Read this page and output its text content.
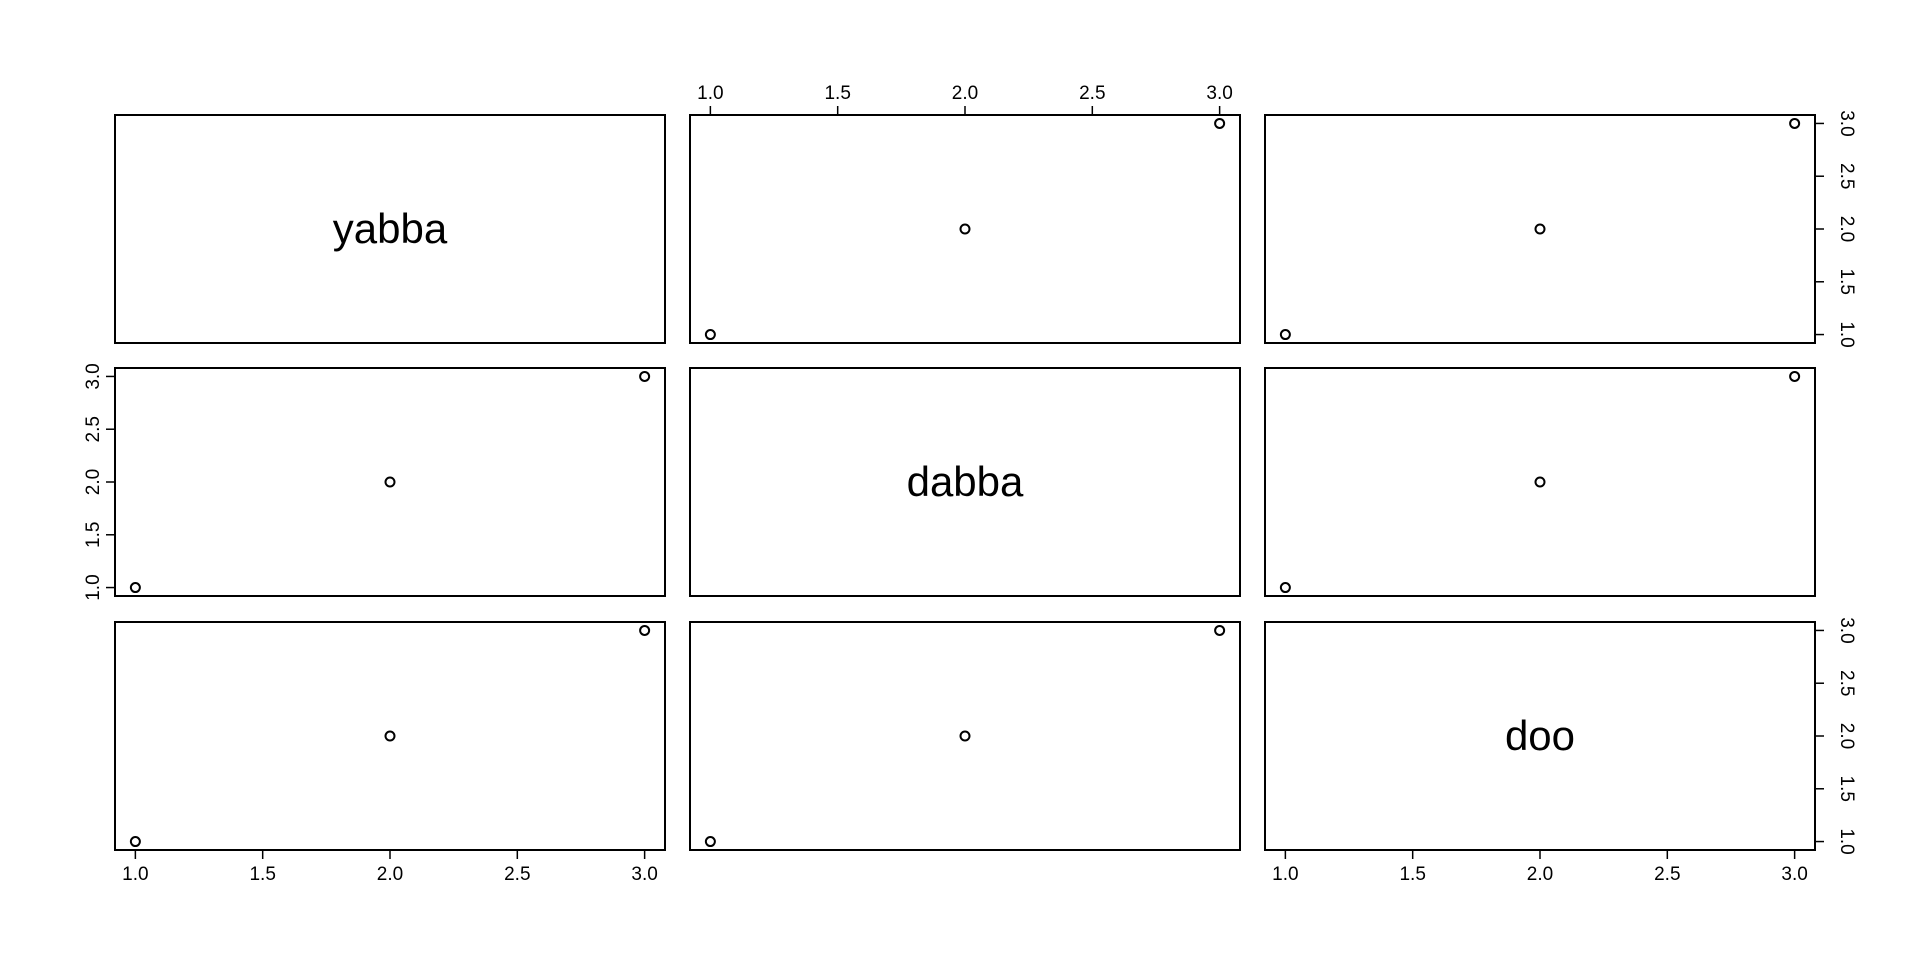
1.0	1.5	2.0	2.5	3.0
1.0	1.5	2.0	2.5	3.0	1.0	1.5	2.0	2.5	3.0
1.0
1.5
2.0
2.5
3.0
1.0
1.5
2.0
2.5
3.0
1.0
1.5
2.0
2.5
3.0
yabba
dabba
doo
